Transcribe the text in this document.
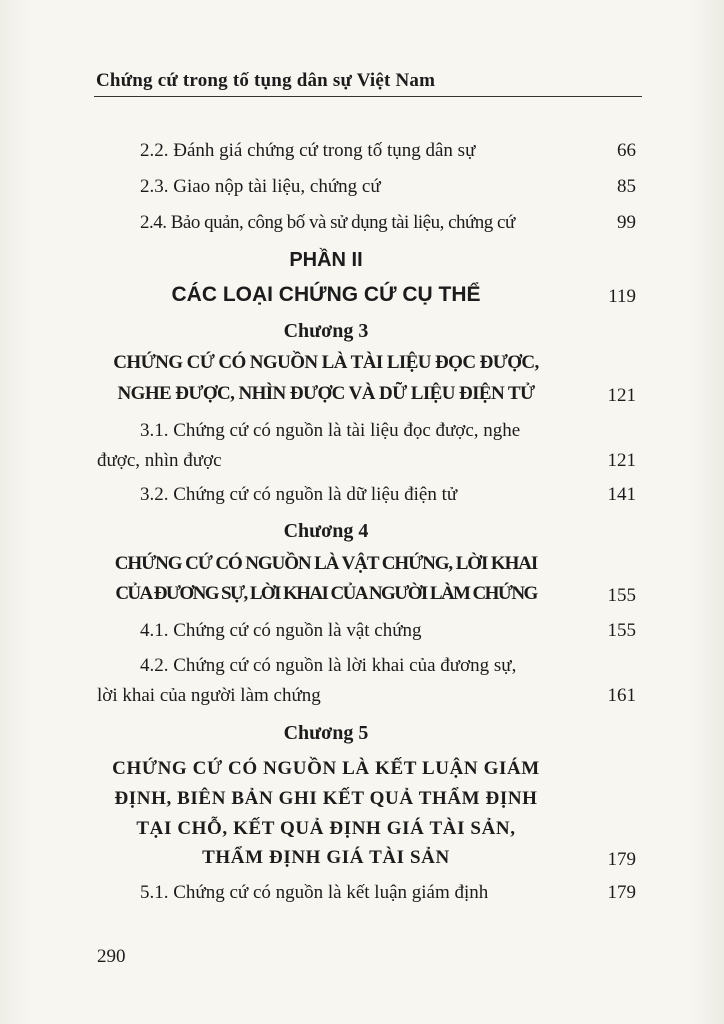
Chứng cứ trong tố tụng dân sự Việt Nam
2.2. Đánh giá chứng cứ trong tố tụng dân sự	66
2.3. Giao nộp tài liệu, chứng cứ	85
2.4. Bảo quản, công bố và sử dụng tài liệu, chứng cứ	99
PHẦN II
CÁC LOẠI CHỨNG CỨ CỤ THỂ	119
Chương 3
CHỨNG CỨ CÓ NGUỒN LÀ TÀI LIỆU ĐỌC ĐƯỢC,
NGHE ĐƯỢC, NHÌN ĐƯỢC VÀ DỮ LIỆU ĐIỆN TỬ	121
3.1. Chứng cứ có nguồn là tài liệu đọc được, nghe
được, nhìn được	121
3.2. Chứng cứ có nguồn là dữ liệu điện tử	141
Chương 4
CHỨNG CỨ CÓ NGUỒN LÀ VẬT CHỨNG, LỜI KHAI
CỦA ĐƯƠNG SỰ, LỜI KHAI CỦA NGƯỜI LÀM CHỨNG	155
4.1. Chứng cứ có nguồn là vật chứng	155
4.2. Chứng cứ có nguồn là lời khai của đương sự,
lời khai của người làm chứng	161
Chương 5
CHỨNG CỨ CÓ NGUỒN LÀ KẾT LUẬN GIÁM
ĐỊNH, BIÊN BẢN GHI KẾT QUẢ THẨM ĐỊNH
TẠI CHỖ, KẾT QUẢ ĐỊNH GIÁ TÀI SẢN,
THẨM ĐỊNH GIÁ TÀI SẢN	179
5.1. Chứng cứ có nguồn là kết luận giám định	179
290
